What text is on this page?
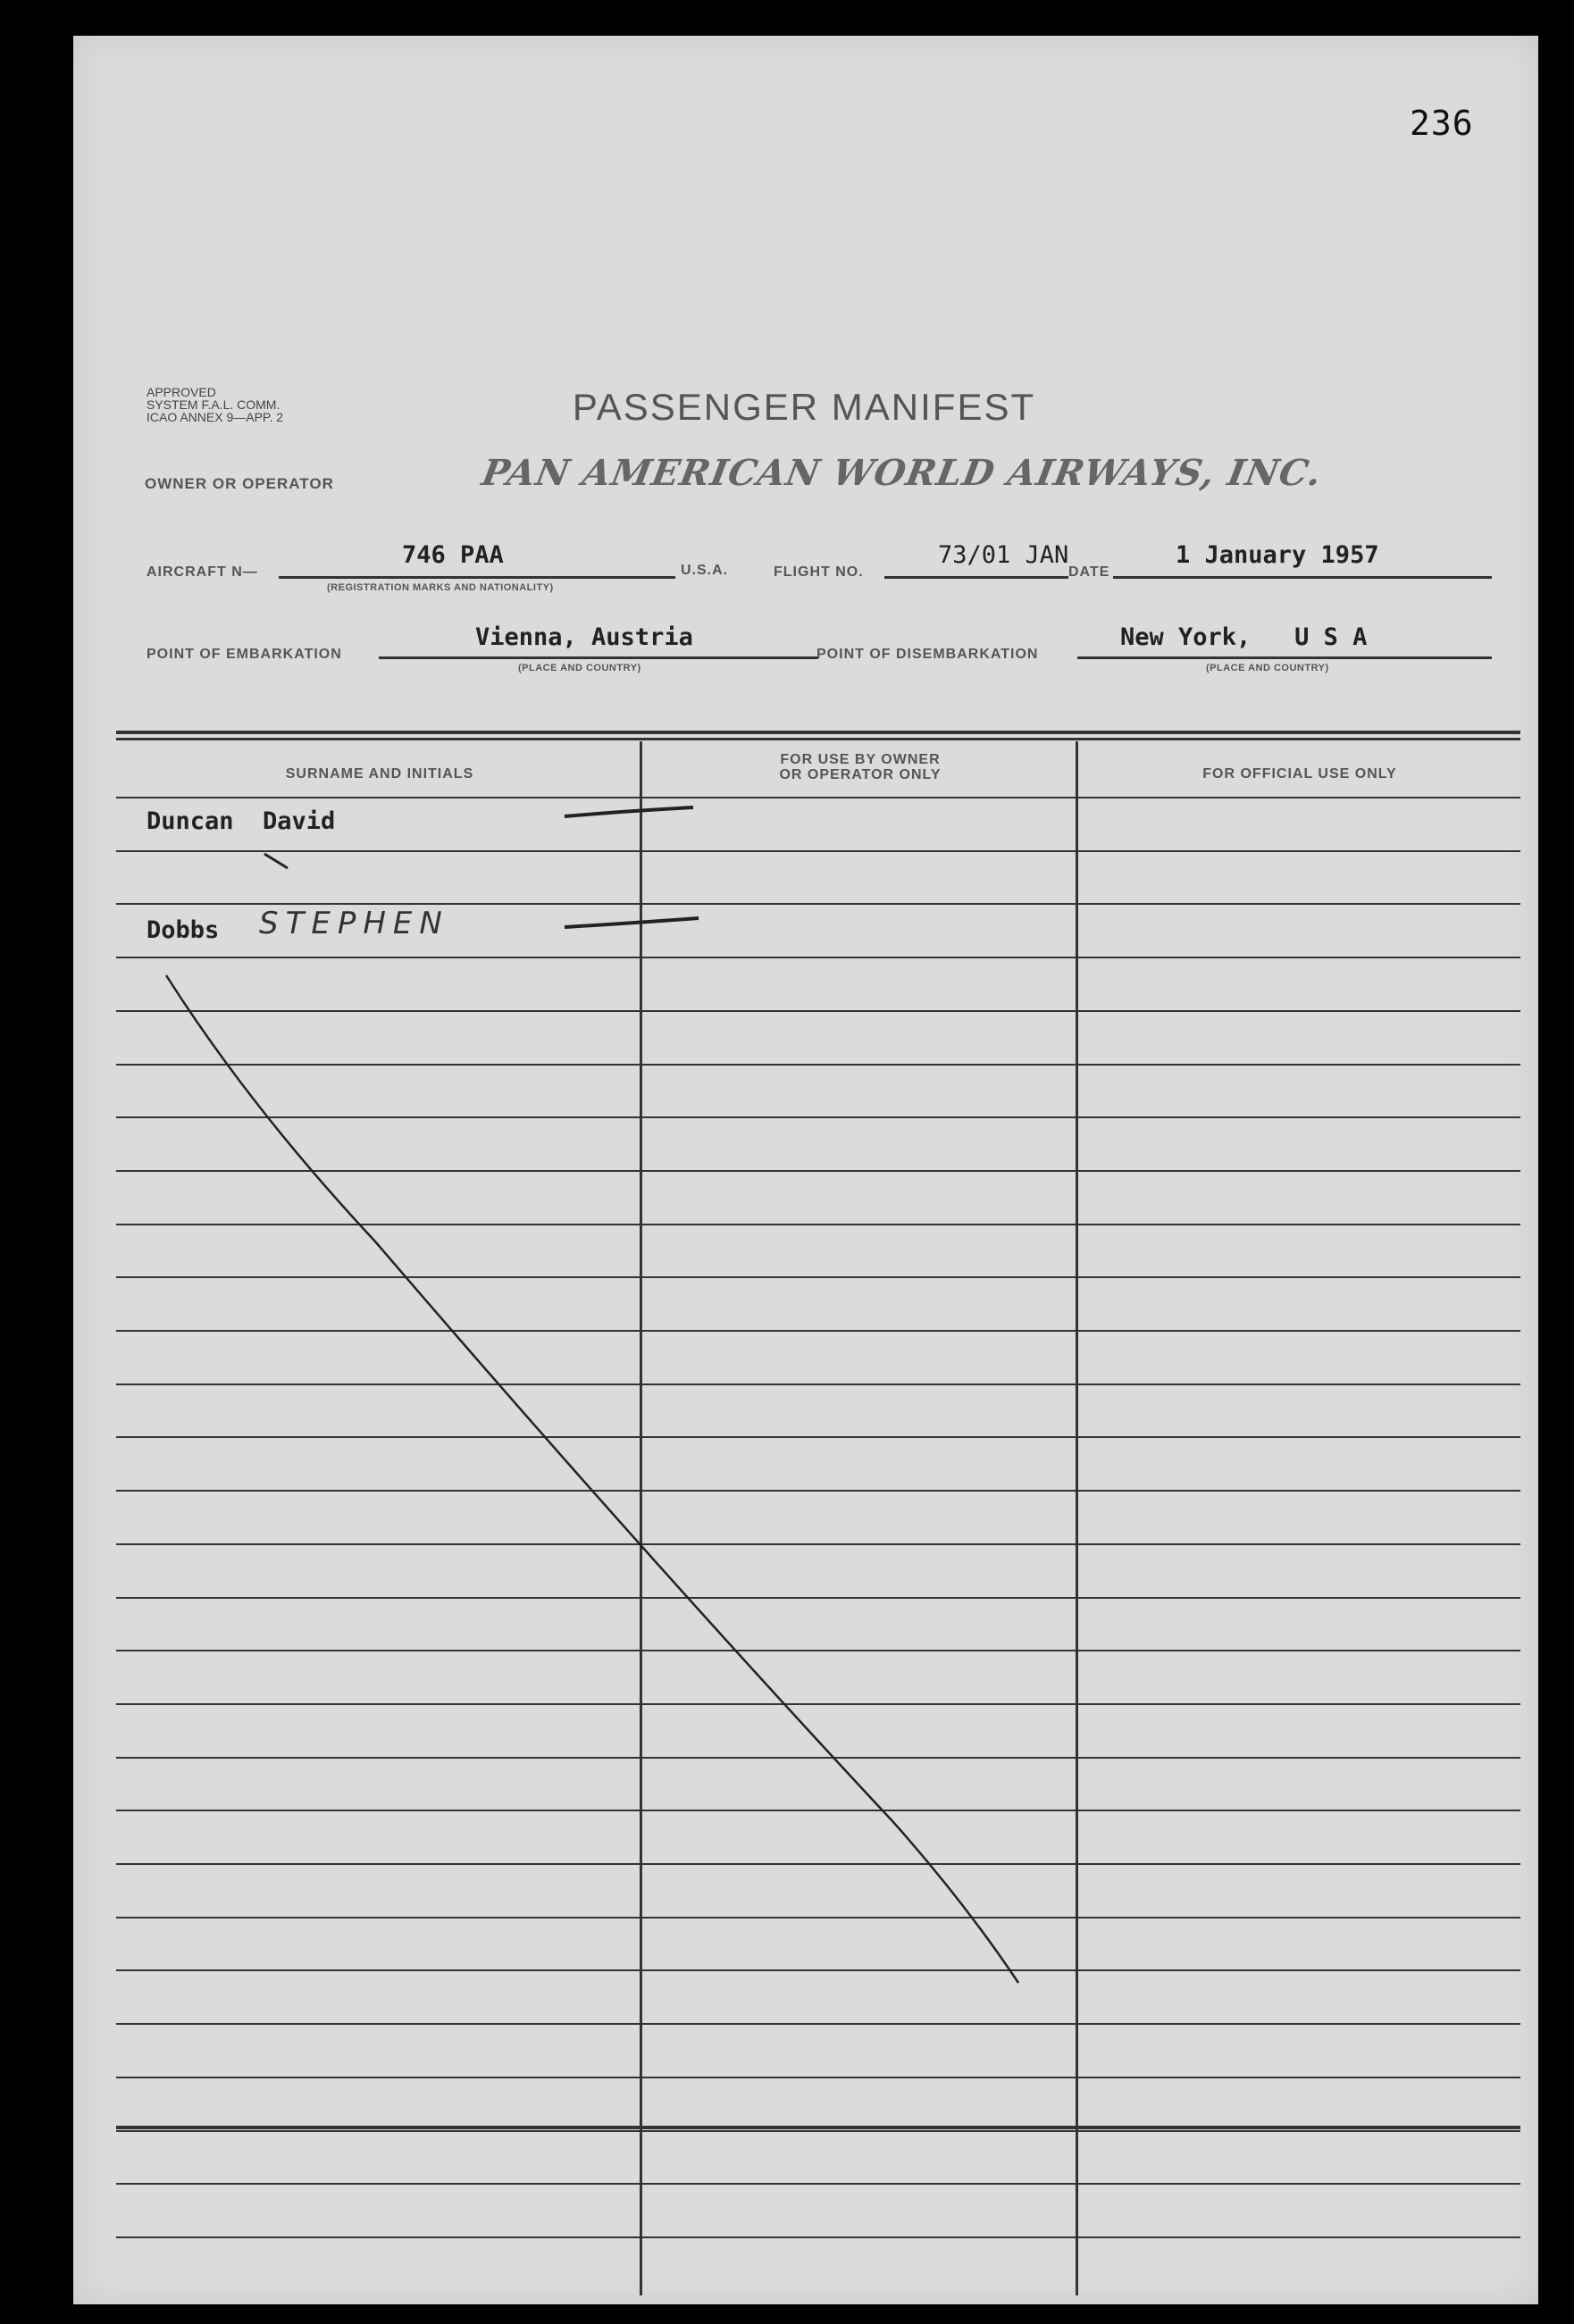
236
APPROVED
SYSTEM F.A.L. COMM.
ICAO ANNEX 9—APP. 2	PASSENGER MANIFEST
OWNER OR OPERATOR	PAN AMERICAN WORLD AIRWAYS, INC.
AIRCRAFT N—
746 PAA
(REGISTRATION MARKS AND NATIONALITY)
U.S.A.	FLIGHT NO.
73/01 JAN
DATE
1 January 1957
POINT OF EMBARKATION
Vienna, Austria
(PLACE AND COUNTRY)
POINT OF DISEMBARKATION
New York,   U S A
(PLACE AND COUNTRY)
SURNAME AND INITIALS
FOR USE BY OWNER
OR OPERATOR ONLY	FOR OFFICIAL USE ONLY
Duncan David
Dobbs STEPHEN
